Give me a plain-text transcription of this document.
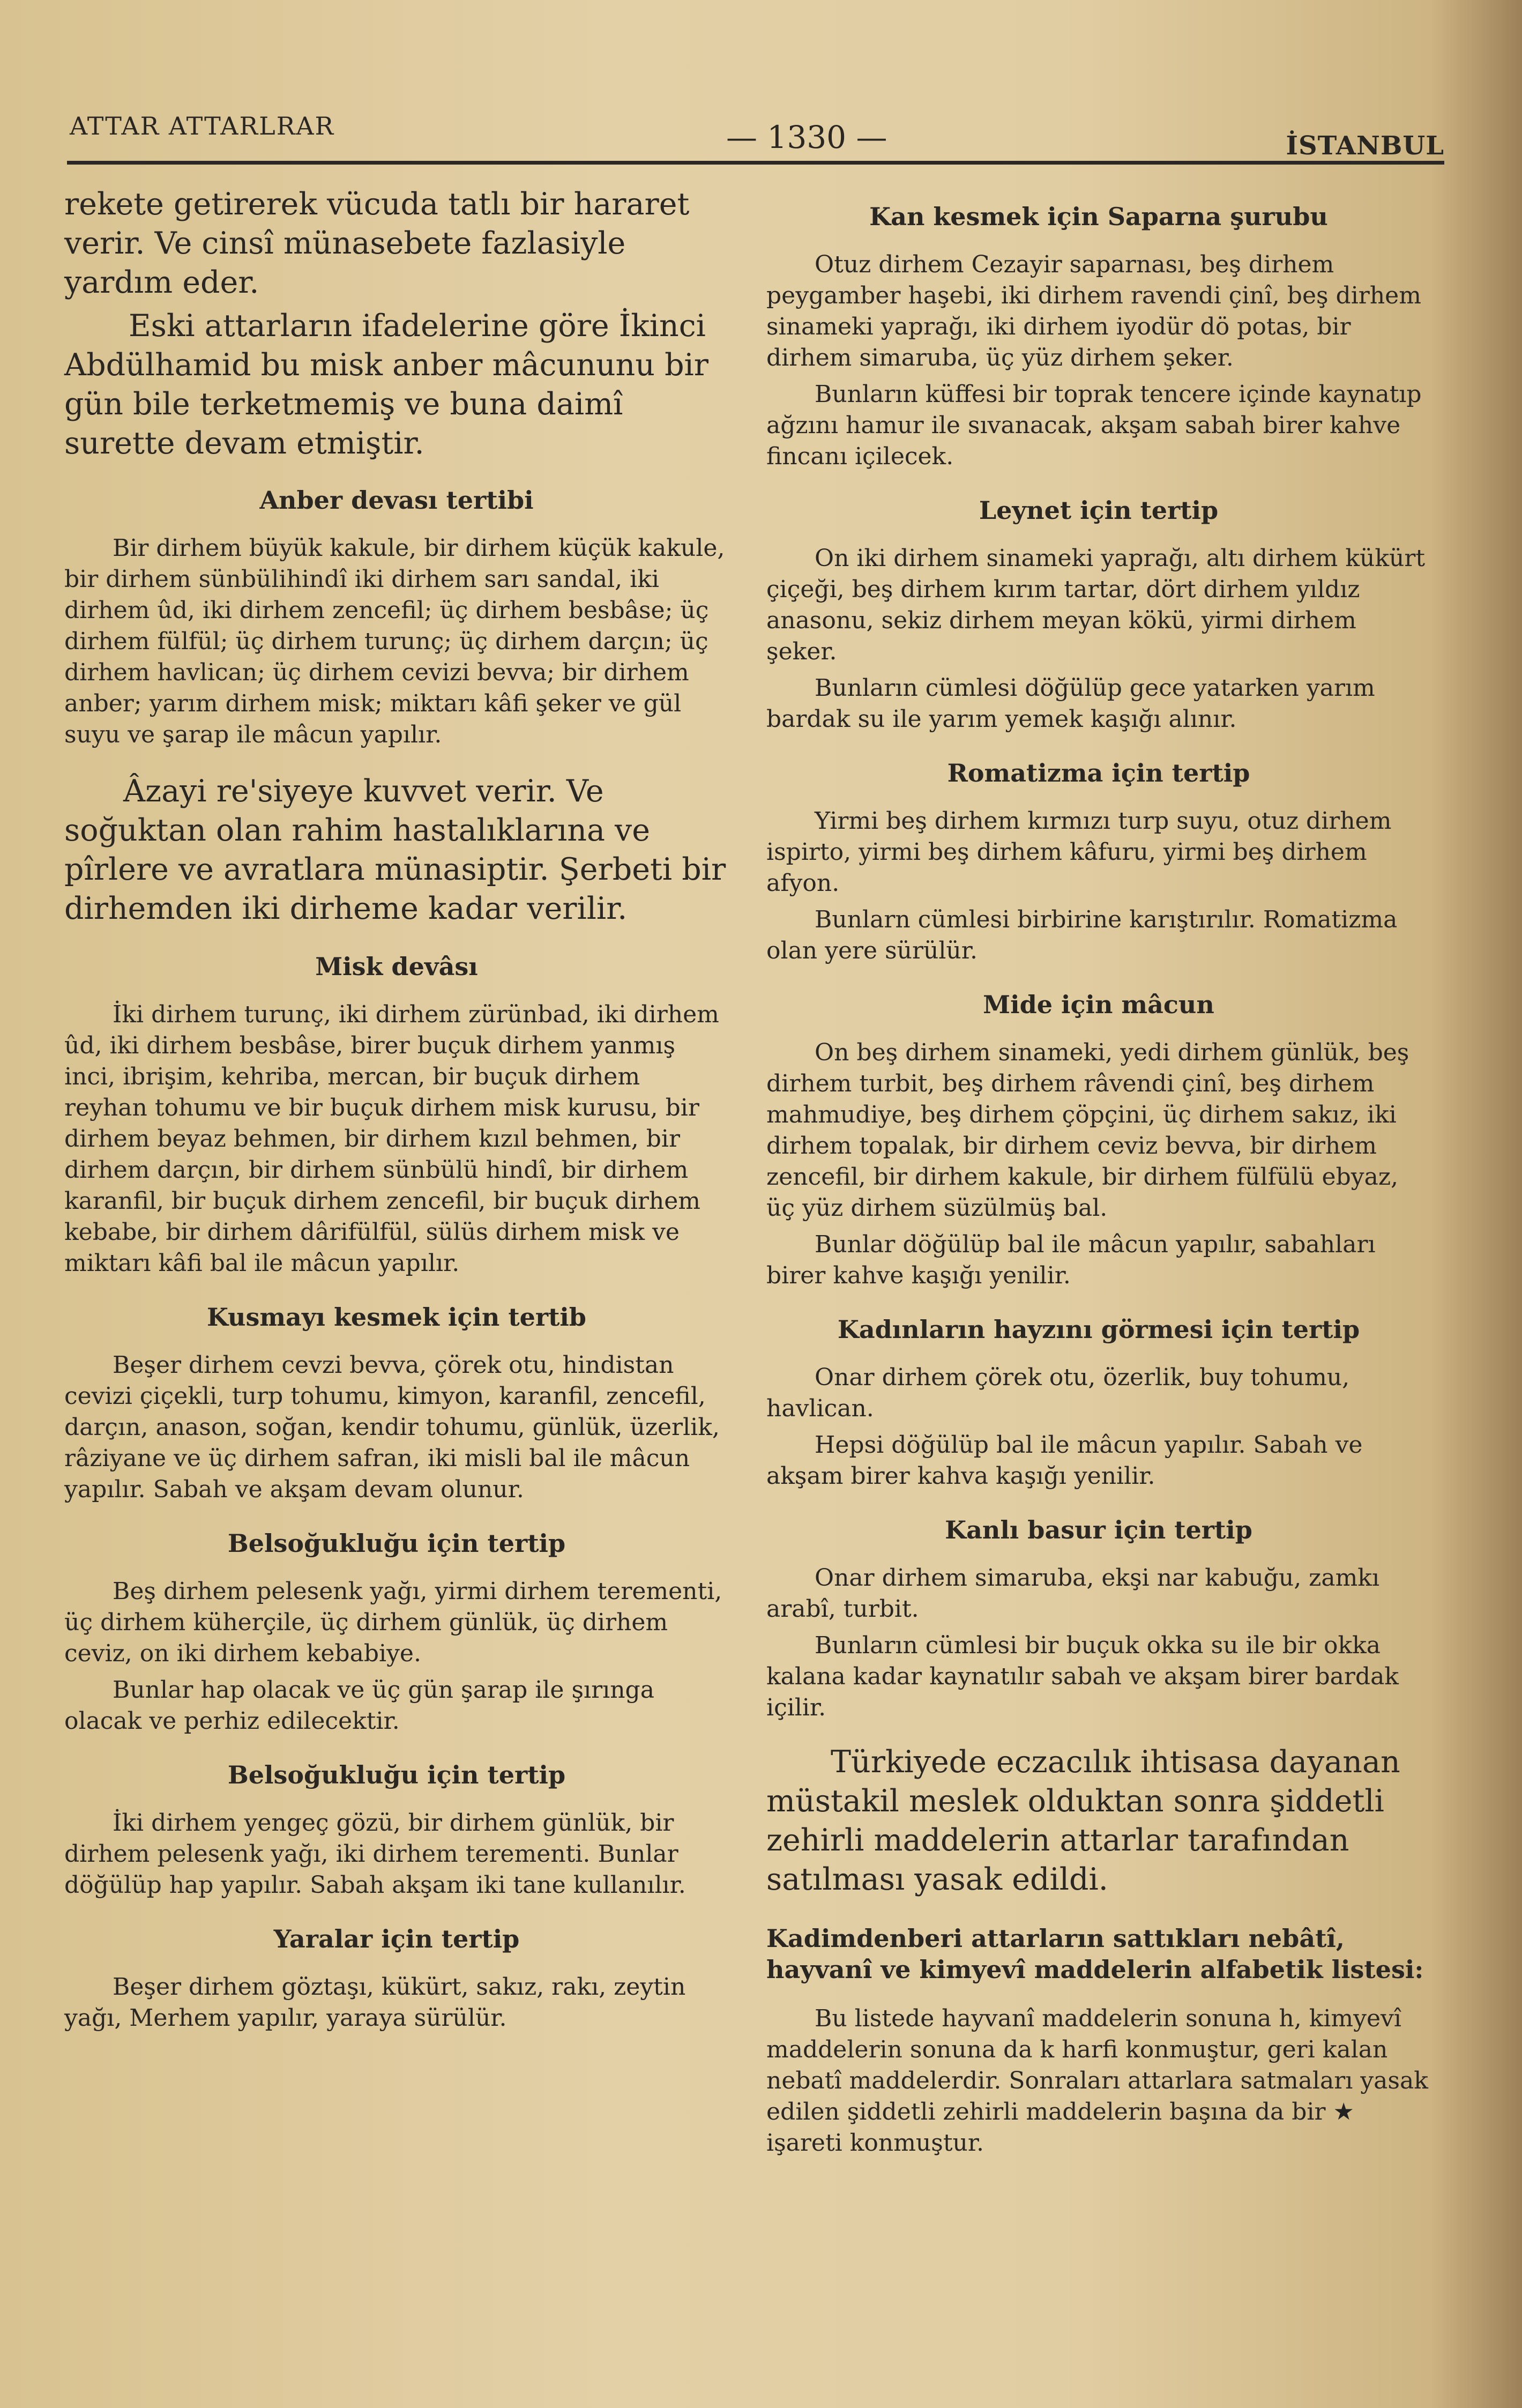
ATTAR ATTARLRAR	— 1330 —	İSTANBUL

rekete getirerek vücuda tatlı bir hararet verir. Ve cinsî münasebete fazlasiyle yardım eder.

Eski attarların ifadelerine göre İkinci Abdülhamid bu misk anber mâcununu bir gün bile terketmemiş ve buna daimî surette devam etmiştir.

Anber devası tertibi

Bir dirhem büyük kakule, bir dirhem küçük kakule, bir dirhem sünbülihindî iki dirhem sarı sandal, iki dirhem ûd, iki dirhem zencefil; üç dirhem besbâse; üç dirhem fülfül; üç dirhem turunç; üç dirhem darçın; üç dirhem havlican; üç dirhem cevizi bevva; bir dirhem anber; yarım dirhem misk; miktarı kâfi şeker ve gül suyu ve şarap ile mâcun yapılır.

Âzayi re'siyeye kuvvet verir. Ve soğuktan olan rahim hastalıklarına ve pîrlere ve avratlara münasiptir. Şerbeti bir dirhemden iki dirheme kadar verilir.

Misk devâsı

İki dirhem turunç, iki dirhem zürünbad, iki dirhem ûd, iki dirhem besbâse, birer buçuk dirhem yanmış inci, ibrişim, kehriba, mercan, bir buçuk dirhem reyhan tohumu ve bir buçuk dirhem misk kurusu, bir dirhem beyaz behmen, bir dirhem kızıl behmen, bir dirhem darçın, bir dirhem sünbülü hindî, bir dirhem karanfil, bir buçuk dirhem zencefil, bir buçuk dirhem kebabe, bir dirhem dârifülfül, sülüs dirhem misk ve miktarı kâfi bal ile mâcun yapılır.

Kusmayı kesmek için tertib

Beşer dirhem cevzi bevva, çörek otu, hindistan cevizi çiçekli, turp tohumu, kimyon, karanfil, zencefil, darçın, anason, soğan, kendir tohumu, günlük, üzerlik, râziyane ve üç dirhem safran, iki misli bal ile mâcun yapılır. Sabah ve akşam devam olunur.

Belsoğukluğu için tertip

Beş dirhem pelesenk yağı, yirmi dirhem terementi, üç dirhem küherçile, üç dirhem günlük, üç dirhem ceviz, on iki dirhem kebabiye.

Bunlar hap olacak ve üç gün şarap ile şırınga olacak ve perhiz edilecektir.

Belsoğukluğu için tertip

İki dirhem yengeç gözü, bir dirhem günlük, bir dirhem pelesenk yağı, iki dirhem terementi. Bunlar döğülüp hap yapılır. Sabah akşam iki tane kullanılır.

Yaralar için tertip

Beşer dirhem göztaşı, kükürt, sakız, rakı, zeytin yağı, Merhem yapılır, yaraya sürülür.

Kan kesmek için Saparna şurubu

Otuz dirhem Cezayir saparnası, beş dirhem peygamber haşebi, iki dirhem ravendi çinî, beş dirhem sinameki yaprağı, iki dirhem iyodür dö potas, bir dirhem simaruba, üç yüz dirhem şeker.

Bunların küffesi bir toprak tencere içinde kaynatıp ağzını hamur ile sıvanacak, akşam sabah birer kahve fincanı içilecek.

Leynet için tertip

On iki dirhem sinameki yaprağı, altı dirhem kükürt çiçeği, beş dirhem kırım tartar, dört dirhem yıldız anasonu, sekiz dirhem meyan kökü, yirmi dirhem şeker.

Bunların cümlesi döğülüp gece yatarken yarım bardak su ile yarım yemek kaşığı alınır.

Romatizma için tertip

Yirmi beş dirhem kırmızı turp suyu, otuz dirhem ispirto, yirmi beş dirhem kâfuru, yirmi beş dirhem afyon.

Bunlarn cümlesi birbirine karıştırılır. Romatizma olan yere sürülür.

Mide için mâcun

On beş dirhem sinameki, yedi dirhem günlük, beş dirhem turbit, beş dirhem râvendi çinî, beş dirhem mahmudiye, beş dirhem çöpçini, üç dirhem sakız, iki dirhem topalak, bir dirhem ceviz bevva, bir dirhem zencefil, bir dirhem kakule, bir dirhem fülfülü ebyaz, üç yüz dirhem süzülmüş bal.

Bunlar döğülüp bal ile mâcun yapılır, sabahları birer kahve kaşığı yenilir.

Kadınların hayzını görmesi için tertip

Onar dirhem çörek otu, özerlik, buy tohumu, havlican.

Hepsi döğülüp bal ile mâcun yapılır. Sabah ve akşam birer kahva kaşığı yenilir.

Kanlı basur için tertip

Onar dirhem simaruba, ekşi nar kabuğu, zamkı arabî, turbit.

Bunların cümlesi bir buçuk okka su ile bir okka kalana kadar kaynatılır sabah ve akşam birer bardak içilir.

Türkiyede eczacılık ihtisasa dayanan müstakil meslek olduktan sonra şiddetli zehirli maddelerin attarlar tarafından satılması yasak edildi.

Kadimdenberi attarların sattıkları nebâtî, hayvanî ve kimyevî maddelerin alfabetik listesi:

Bu listede hayvanî maddelerin sonuna h, kimyevî maddelerin sonuna da k harfi konmuştur, geri kalan nebatî maddelerdir. Sonraları attarlara satmaları yasak edilen şiddetli zehirli maddelerin başına da bir ★ işareti konmuştur.
